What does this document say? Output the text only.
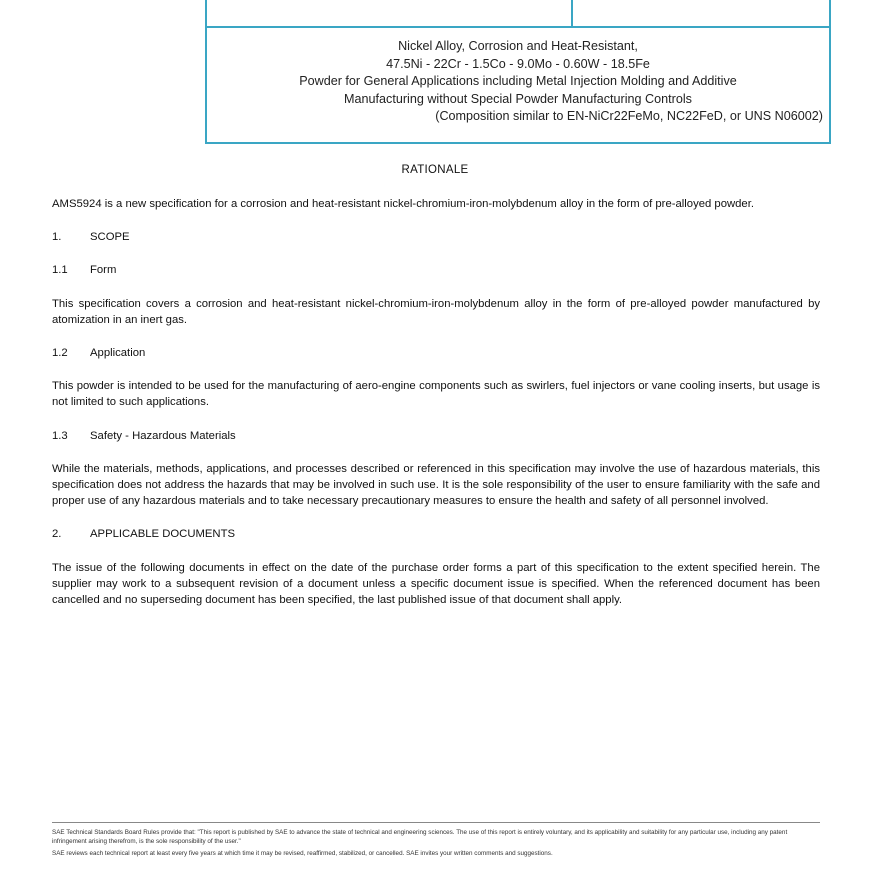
Nickel Alloy, Corrosion and Heat-Resistant,
47.5Ni - 22Cr - 1.5Co - 9.0Mo - 0.60W - 18.5Fe
Powder for General Applications including Metal Injection Molding and Additive
Manufacturing without Special Powder Manufacturing Controls
(Composition similar to EN-NiCr22FeMo, NC22FeD, or UNS N06002)
RATIONALE

AMS5924 is a new specification for a corrosion and heat-resistant nickel-chromium-iron-molybdenum alloy in the form of pre-alloyed powder.

1.	SCOPE
1.1	Form

This specification covers a corrosion and heat-resistant nickel-chromium-iron-molybdenum alloy in the form of pre-alloyed powder manufactured by atomization in an inert gas.

1.2	Application

This powder is intended to be used for the manufacturing of aero-engine components such as swirlers, fuel injectors or vane cooling inserts, but usage is not limited to such applications.

1.3	Safety - Hazardous Materials

While the materials, methods, applications, and processes described or referenced in this specification may involve the use of hazardous materials, this specification does not address the hazards that may be involved in such use. It is the sole responsibility of the user to ensure familiarity with the safe and proper use of any hazardous materials and to take necessary precautionary measures to ensure the health and safety of all personnel involved.

2.	APPLICABLE DOCUMENTS

The issue of the following documents in effect on the date of the purchase order forms a part of this specification to the extent specified herein. The supplier may work to a subsequent revision of a document unless a specific document issue is specified. When the referenced document has been cancelled and no superseding document has been specified, the last published issue of that document shall apply.

SAE Technical Standards Board Rules provide that: "This report is published by SAE to advance the state of technical and engineering sciences. The use of this report is entirely voluntary, and its applicability and suitability for any particular use, including any patent infringement arising therefrom, is the sole responsibility of the user."

SAE reviews each technical report at least every five years at which time it may be revised, reaffirmed, stabilized, or cancelled. SAE invites your written comments and suggestions.
